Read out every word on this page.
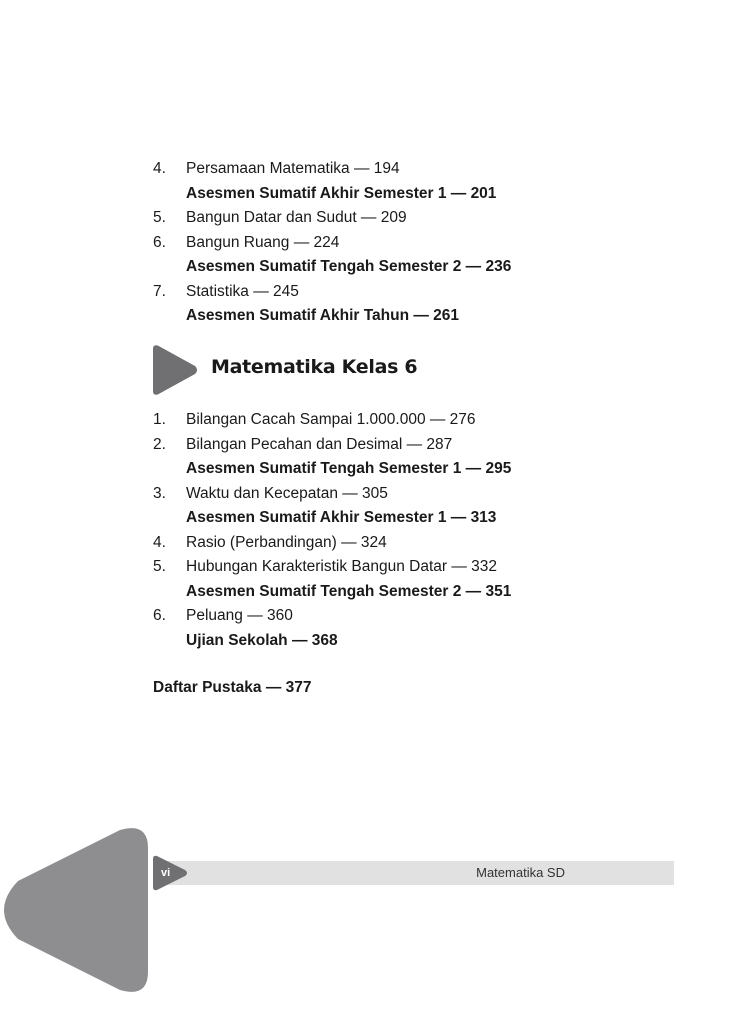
4. Persamaan Matematika — 194
Asesmen Sumatif Akhir Semester 1 — 201
5. Bangun Datar dan Sudut — 209
6. Bangun Ruang — 224
Asesmen Sumatif Tengah Semester 2 — 236
7. Statistika — 245
Asesmen Sumatif Akhir Tahun — 261
Matematika Kelas 6
1. Bilangan Cacah Sampai 1.000.000 — 276
2. Bilangan Pecahan dan Desimal — 287
Asesmen Sumatif Tengah Semester 1 — 295
3. Waktu dan Kecepatan — 305
Asesmen Sumatif Akhir Semester 1 — 313
4. Rasio (Perbandingan) — 324
5. Hubungan Karakteristik Bangun Datar — 332
Asesmen Sumatif Tengah Semester 2 — 351
6. Peluang — 360
Ujian Sekolah — 368
Daftar Pustaka — 377
Matematika SD
vi
